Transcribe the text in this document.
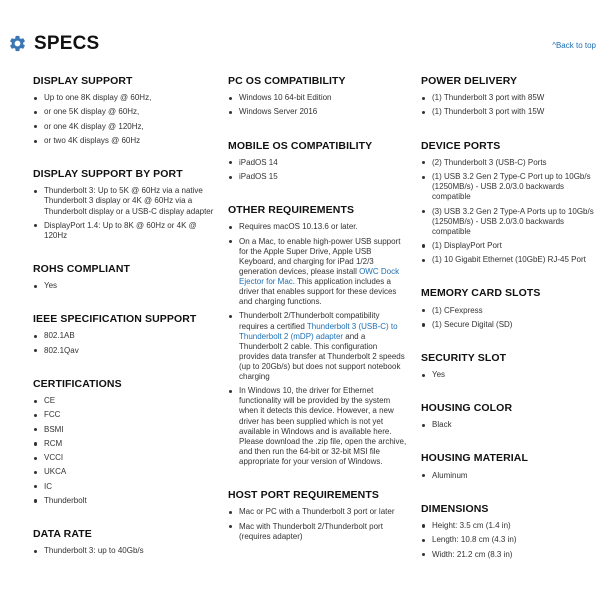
SPECS	^Back to top
DISPLAY SUPPORT
Up to one 8K display @ 60Hz,
or one 5K display @ 60Hz,
or one 4K display @ 120Hz,
or two 4K displays @ 60Hz
DISPLAY SUPPORT BY PORT
Thunderbolt 3: Up to 5K @ 60Hz via a native Thunderbolt 3 display or 4K @ 60Hz via a Thunderbolt display or a USB-C display adapter
DisplayPort 1.4: Up to 8K @ 60Hz or 4K @ 120Hz
ROHS COMPLIANT
Yes
IEEE SPECIFICATION SUPPORT
802.1AB
802.1Qav
CERTIFICATIONS
CE
FCC
BSMI
RCM
VCCI
UKCA
IC
Thunderbolt
DATA RATE
Thunderbolt 3: up to 40Gb/s
PC OS COMPATIBILITY
Windows 10 64-bit Edition
Windows Server 2016
MOBILE OS COMPATIBILITY
iPadOS 14
iPadOS 15
OTHER REQUIREMENTS
Requires macOS 10.13.6 or later.
On a Mac, to enable high-power USB support for the Apple Super Drive, Apple USB Keyboard, and charging for iPad 1/2/3 generation devices, please install OWC Dock Ejector for Mac. This application includes a driver that enables support for these devices and charging functions.
Thunderbolt 2/Thunderbolt compatibility requires a certified Thunderbolt 3 (USB-C) to Thunderbolt 2 (mDP) adapter and a Thunderbolt 2 cable. This configuration provides data transfer at Thunderbolt 2 speeds (up to 20Gb/s) but does not support notebook charging
In Windows 10, the driver for Ethernet functionality will be provided by the system when it detects this device. However, a new driver has been supplied which is not yet available in Windows and is available here. Please download the .zip file, open the archive, and then run the 64-bit or 32-bit MSI file appropriate for your version of Windows.
HOST PORT REQUIREMENTS
Mac or PC with a Thunderbolt 3 port or later
Mac with Thunderbolt 2/Thunderbolt port (requires adapter)
POWER DELIVERY
(1) Thunderbolt 3 port with 85W
(1) Thunderbolt 3 port with 15W
DEVICE PORTS
(2) Thunderbolt 3 (USB-C) Ports
(1) USB 3.2 Gen 2 Type-C Port up to 10Gb/s (1250MB/s) - USB 2.0/3.0 backwards compatible
(3) USB 3.2 Gen 2 Type-A Ports up to 10Gb/s (1250MB/s) - USB 2.0/3.0 backwards compatible
(1) DisplayPort Port
(1) 10 Gigabit Ethernet (10GbE) RJ-45 Port
MEMORY CARD SLOTS
(1) CFexpress
(1) Secure Digital (SD)
SECURITY SLOT
Yes
HOUSING COLOR
Black
HOUSING MATERIAL
Aluminum
DIMENSIONS
Height: 3.5 cm (1.4 in)
Length: 10.8 cm (4.3 in)
Width: 21.2 cm (8.3 in)
